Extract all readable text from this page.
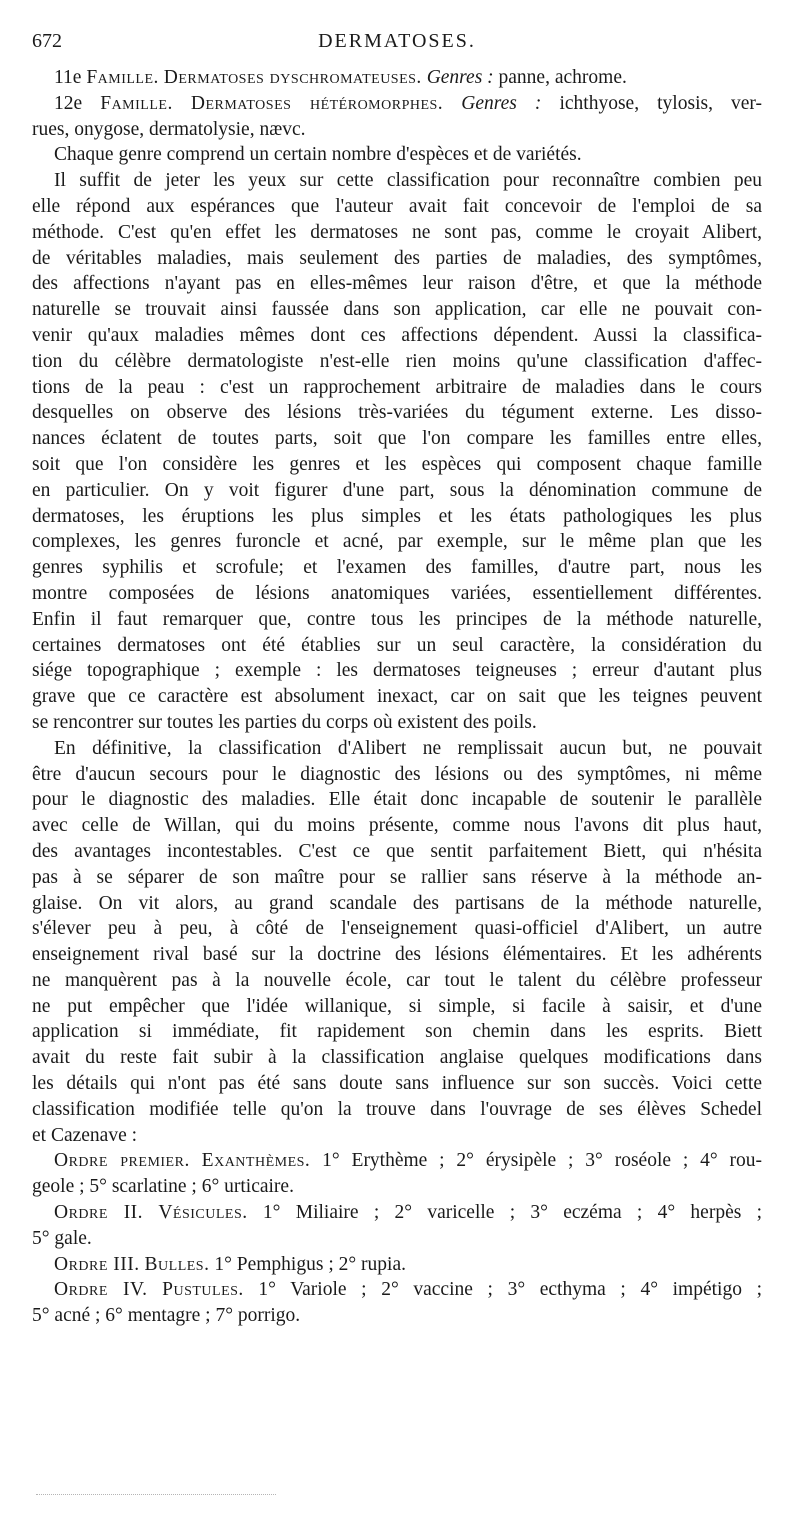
672	DERMATOSES.
11e Famille. Dermatoses dyschromateuses. Genres : panne, achrome.
12e Famille. Dermatoses hétéromorphes. Genres : ichthyose, tylosis, ver-
rues, onygose, dermatolysie, nævc.
Chaque genre comprend un certain nombre d'espèces et de variétés.
Il suffit de jeter les yeux sur cette classification pour reconnaître combien peu
elle répond aux espérances que l'auteur avait fait concevoir de l'emploi de sa
méthode. C'est qu'en effet les dermatoses ne sont pas, comme le croyait Alibert,
de véritables maladies, mais seulement des parties de maladies, des symptômes,
des affections n'ayant pas en elles-mêmes leur raison d'être, et que la méthode
naturelle se trouvait ainsi faussée dans son application, car elle ne pouvait con-
venir qu'aux maladies mêmes dont ces affections dépendent. Aussi la classifica-
tion du célèbre dermatologiste n'est-elle rien moins qu'une classification d'affec-
tions de la peau : c'est un rapprochement arbitraire de maladies dans le cours
desquelles on observe des lésions très-variées du tégument externe. Les disso-
nances éclatent de toutes parts, soit que l'on compare les familles entre elles,
soit que l'on considère les genres et les espèces qui composent chaque famille
en particulier. On y voit figurer d'une part, sous la dénomination commune de
dermatoses, les éruptions les plus simples et les états pathologiques les plus
complexes, les genres furoncle et acné, par exemple, sur le même plan que les
genres syphilis et scrofule; et l'examen des familles, d'autre part, nous les
montre composées de lésions anatomiques variées, essentiellement différentes.
Enfin il faut remarquer que, contre tous les principes de la méthode naturelle,
certaines dermatoses ont été établies sur un seul caractère, la considération du
siége topographique ; exemple : les dermatoses teigneuses ; erreur d'autant plus
grave que ce caractère est absolument inexact, car on sait que les teignes peuvent
se rencontrer sur toutes les parties du corps où existent des poils.
En définitive, la classification d'Alibert ne remplissait aucun but, ne pouvait
être d'aucun secours pour le diagnostic des lésions ou des symptômes, ni même
pour le diagnostic des maladies. Elle était donc incapable de soutenir le parallèle
avec celle de Willan, qui du moins présente, comme nous l'avons dit plus haut,
des avantages incontestables. C'est ce que sentit parfaitement Biett, qui n'hésita
pas à se séparer de son maître pour se rallier sans réserve à la méthode an-
glaise. On vit alors, au grand scandale des partisans de la méthode naturelle,
s'élever peu à peu, à côté de l'enseignement quasi-officiel d'Alibert, un autre
enseignement rival basé sur la doctrine des lésions élémentaires. Et les adhérents
ne manquèrent pas à la nouvelle école, car tout le talent du célèbre professeur
ne put empêcher que l'idée willanique, si simple, si facile à saisir, et d'une
application si immédiate, fit rapidement son chemin dans les esprits. Biett
avait du reste fait subir à la classification anglaise quelques modifications dans
les détails qui n'ont pas été sans doute sans influence sur son succès. Voici cette
classification modifiée telle qu'on la trouve dans l'ouvrage de ses élèves Schedel
et Cazenave :
Ordre premier. Exanthèmes. 1° Erythème ; 2° érysipèle ; 3° roséole ; 4° rou-
geole ; 5° scarlatine ; 6° urticaire.
Ordre II. Vésicules. 1° Miliaire ; 2° varicelle ; 3° eczéma ; 4° herpès ;
5° gale.
Ordre III. Bulles. 1° Pemphigus ; 2° rupia.
Ordre IV. Pustules. 1° Variole ; 2° vaccine ; 3° ecthyma ; 4° impétigo ;
5° acné ; 6° mentagre ; 7° porrigo.
